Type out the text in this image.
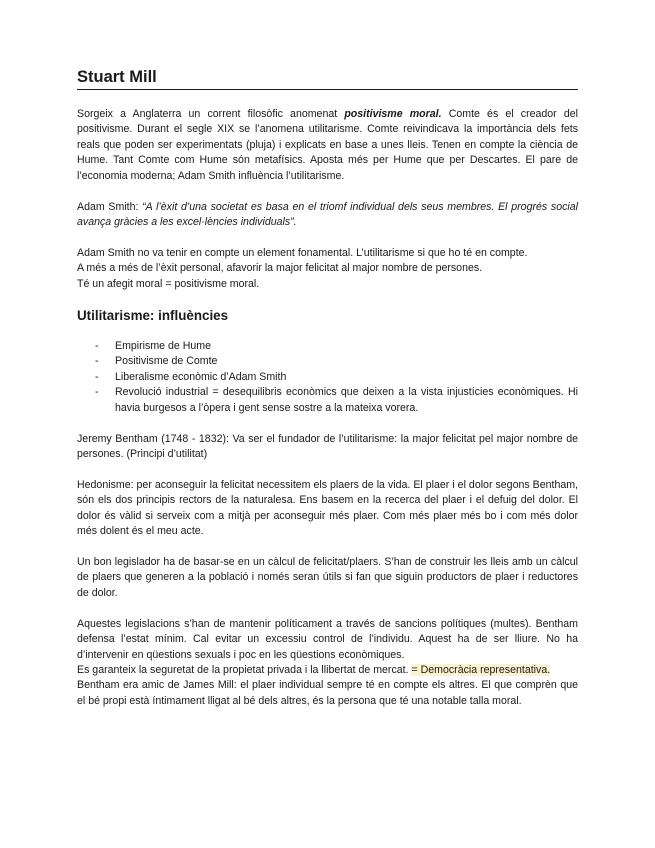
Stuart Mill

Sorgeix a Anglaterra un corrent filosòfic anomenat positivisme moral. Comte és el creador del positivisme. Durant el segle XIX se l’anomena utilitarisme. Comte reivindicava la importància dels fets reals que poden ser experimentats (pluja) i explicats en base a unes lleis. Tenen en compte la ciència de Hume. Tant Comte com Hume són metafísics. Aposta més per Hume que per Descartes. El pare de l’economia moderna; Adam Smith influència l’utilitarisme.

Adam Smith: “A l’èxit d’una societat es basa en el triomf individual dels seus membres. El progrés social avança gràcies a les excel·lències individuals”.

Adam Smith no va tenir en compte un element fonamental. L’utilitarisme si que ho té en compte.
A més a més de l’èxit personal, afavorir la major felicitat al major nombre de persones.
Té un afegit moral = positivisme moral.

Utilitarisme: influències
- Empirisme de Hume
- Positivisme de Comte
- Liberalisme econòmic d’Adam Smith
- Revolució industrial = desequilibris econòmics que deixen a la vista injustícies econòmiques. Hi havia burgesos a l’òpera i gent sense sostre a la mateixa vorera.

Jeremy Bentham (1748 - 1832): Va ser el fundador de l’utilitarisme: la major felicitat pel major nombre de persones. (Principi d’utilitat)

Hedonisme: per aconseguir la felicitat necessitem els plaers de la vida. El plaer i el dolor segons Bentham, són els dos principis rectors de la naturalesa. Ens basem en la recerca del plaer i el defuig del dolor. El dolor és vàlid si serveix com a mitjà per aconseguir més plaer. Com més plaer més bo i com més dolor més dolent és el meu acte.

Un bon legislador ha de basar-se en un càlcul de felicitat/plaers. S’han de construir les lleis amb un càlcul de plaers que generen a la població i només seran útils si fan que siguin productors de plaer i reductores de dolor.

Aquestes legislacions s’han de mantenir políticament a través de sancions polítiques (multes). Bentham defensa l’estat mínim. Cal evitar un excessiu control de l’individu. Aquest ha de ser lliure. No ha d’intervenir en qüestions sexuals i poc en les qüestions econòmiques.
Es garanteix la seguretat de la propietat privada i la llibertat de mercat. = Democràcia representativa.
Bentham era amic de James Mill: el plaer individual sempre té en compte els altres. El que comprèn que el bé propi està íntimament lligat al bé dels altres, és la persona que té una notable talla moral.
